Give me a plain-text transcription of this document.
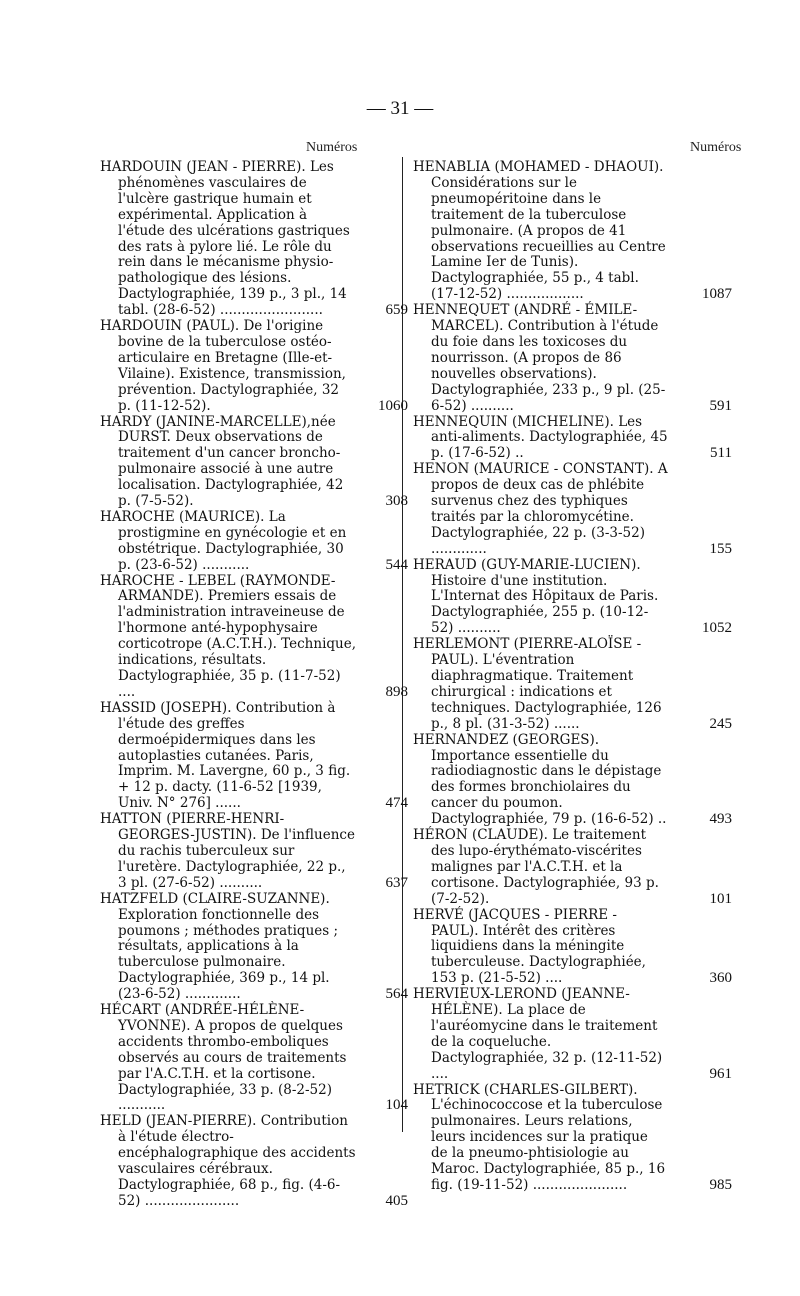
— 31 —
Numéros	Numéros
HARDOUIN (JEAN - PIERRE). Les phénomènes vasculaires de l'ulcère gastrique humain et expérimental. Application à l'étude des ulcérations gastriques des rats à pylore lié. Le rôle du rein dans le mécanisme physio-pathologique des lésions. Dactylographiée, 139 p., 3 pl., 14 tabl. (28-6-52) ........................	659
HARDOUIN (PAUL). De l'origine bovine de la tuberculose ostéo-articulaire en Bretagne (Ille-et-Vilaine). Existence, transmission, prévention. Dactylographiée, 32 p. (11-12-52).	1060
HARDY (JANINE-MARCELLE),née DURST. Deux observations de traitement d'un cancer broncho-pulmonaire associé à une autre localisation. Dactylographiée, 42 p. (7-5-52).	308
HAROCHE (MAURICE). La prostigmine en gynécologie et en obstétrique. Dactylographiée, 30 p. (23-6-52) ...........	544
HAROCHE - LEBEL (RAYMONDE-ARMANDE). Premiers essais de l'administration intraveineuse de l'hormone anté-hypophysaire corticotrope (A.C.T.H.). Technique, indications, résultats. Dactylographiée, 35 p. (11-7-52) ....	898
HASSID (JOSEPH). Contribution à l'étude des greffes dermoépidermiques dans les autoplasties cutanées. Paris, Imprim. M. Lavergne, 60 p., 3 fig. + 12 p. dacty. (11-6-52 [1939, Univ. N° 276] ......	474
HATTON (PIERRE-HENRI-GEORGES-JUSTIN). De l'influence du rachis tuberculeux sur l'uretère. Dactylographiée, 22 p., 3 pl. (27-6-52) ..........	637
HATZFELD (CLAIRE-SUZANNE). Exploration fonctionnelle des poumons ; méthodes pratiques ; résultats, applications à la tuberculose pulmonaire. Dactylographiée, 369 p., 14 pl. (23-6-52) .............	564
HÉCART (ANDRÉE-HÉLÈNE-YVONNE). A propos de quelques accidents thrombo-emboliques observés au cours de traitements par l'A.C.T.H. et la cortisone. Dactylographiée, 33 p. (8-2-52) ...........	104
HELD (JEAN-PIERRE). Contribution à l'étude électro-encéphalographique des accidents vasculaires cérébraux. Dactylographiée, 68 p., fig. (4-6-52) ......................	405
HENABLIA (MOHAMED - DHAOUI). Considérations sur le pneumopéritoine dans le traitement de la tuberculose pulmonaire. (A propos de 41 observations recueillies au Centre Lamine Ier de Tunis). Dactylographiée, 55 p., 4 tabl. (17-12-52) ..................	1087
HENNEQUET (ANDRÉ - ÉMILE-MARCEL). Contribution à l'étude du foie dans les toxicoses du nourrisson. (A propos de 86 nouvelles observations). Dactylographiée, 233 p., 9 pl. (25-6-52) ..........	591
HENNEQUIN (MICHELINE). Les anti-aliments. Dactylographiée, 45 p. (17-6-52) ..	511
HENON (MAURICE - CONSTANT). A propos de deux cas de phlébite survenus chez des typhiques traités par la chloromycétine. Dactylographiée, 22 p. (3-3-52) .............	155
HERAUD (GUY-MARIE-LUCIEN). Histoire d'une institution. L'Internat des Hôpitaux de Paris. Dactylographiée, 255 p. (10-12-52) ..........	1052
HERLEMONT (PIERRE-ALOÏSE - PAUL). L'éventration diaphragmatique. Traitement chirurgical : indications et techniques. Dactylographiée, 126 p., 8 pl. (31-3-52) ......	245
HERNANDEZ (GEORGES). Importance essentielle du radiodiagnostic dans le dépistage des formes bronchiolaires du cancer du poumon. Dactylographiée, 79 p. (16-6-52) ..	493
HÉRON (CLAUDE). Le traitement des lupo-érythémato-viscérites malignes par l'A.C.T.H. et la cortisone. Dactylographiée, 93 p. (7-2-52).	101
HERVÉ (JACQUES - PIERRE - PAUL). Intérêt des critères liquidiens dans la méningite tuberculeuse. Dactylographiée, 153 p. (21-5-52) ....	360
HERVIEUX-LEROND (JEANNE-HÉLÈNE). La place de l'auréomycine dans le traitement de la coqueluche. Dactylographiée, 32 p. (12-11-52) ....	961
HETRICK (CHARLES-GILBERT). L'échinococcose et la tuberculose pulmonaires. Leurs relations, leurs incidences sur la pratique de la pneumo-phtisiologie au Maroc. Dactylographiée, 85 p., 16 fig. (19-11-52) ......................	985
